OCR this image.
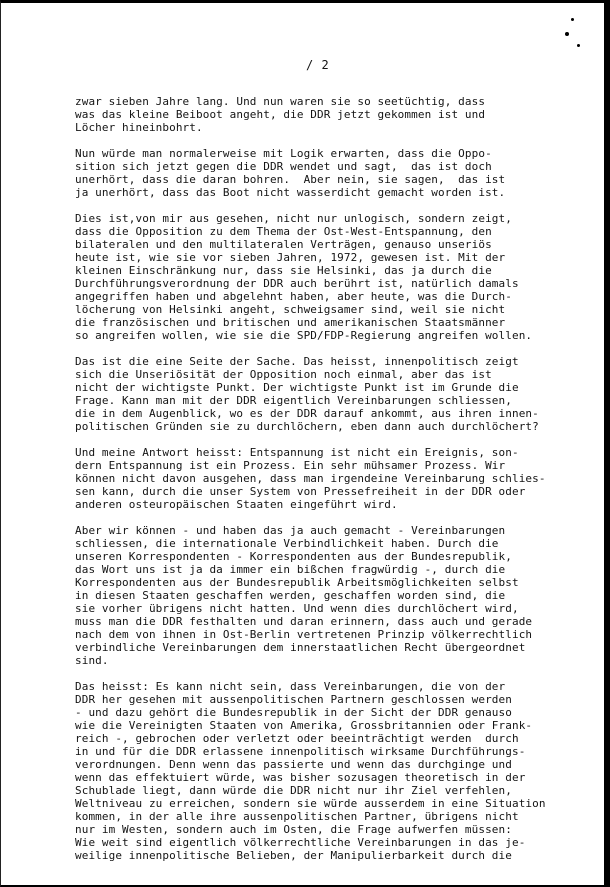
/ 2
zwar sieben Jahre lang. Und nun waren sie so seetüchtig, dass
was das kleine Beiboot angeht, die DDR jetzt gekommen ist und
Löcher hineinbohrt.
Nun würde man normalerweise mit Logik erwarten, dass die Oppo-
sition sich jetzt gegen die DDR wendet und sagt,  das ist doch
unerhört, dass die daran bohren.  Aber nein, sie sagen,  das ist
ja unerhört, dass das Boot nicht wasserdicht gemacht worden ist.
Dies ist,von mir aus gesehen, nicht nur unlogisch, sondern zeigt,
dass die Opposition zu dem Thema der Ost-West-Entspannung, den
bilateralen und den multilateralen Verträgen, genauso unseriös
heute ist, wie sie vor sieben Jahren, 1972, gewesen ist. Mit der
kleinen Einschränkung nur, dass sie Helsinki, das ja durch die
Durchführungsverordnung der DDR auch berührt ist, natürlich damals
angegriffen haben und abgelehnt haben, aber heute, was die Durch-
löcherung von Helsinki angeht, schweigsamer sind, weil sie nicht
die französischen und britischen und amerikanischen Staatsmänner
so angreifen wollen, wie sie die SPD/FDP-Regierung angreifen wollen.
Das ist die eine Seite der Sache. Das heisst, innenpolitisch zeigt
sich die Unseriösität der Opposition noch einmal, aber das ist
nicht der wichtigste Punkt. Der wichtigste Punkt ist im Grunde die
Frage. Kann man mit der DDR eigentlich Vereinbarungen schliessen,
die in dem Augenblick, wo es der DDR darauf ankommt, aus ihren innen-
politischen Gründen sie zu durchlöchern, eben dann auch durchlöchert?
Und meine Antwort heisst: Entspannung ist nicht ein Ereignis, son-
dern Entspannung ist ein Prozess. Ein sehr mühsamer Prozess. Wir
können nicht davon ausgehen, dass man irgendeine Vereinbarung schlies-
sen kann, durch die unser System von Pressefreiheit in der DDR oder
anderen osteuropäischen Staaten eingeführt wird.
Aber wir können - und haben das ja auch gemacht - Vereinbarungen
schliessen, die internationale Verbindlichkeit haben. Durch die
unseren Korrespondenten - Korrespondenten aus der Bundesrepublik,
das Wort uns ist ja da immer ein bißchen fragwürdig -, durch die
Korrespondenten aus der Bundesrepublik Arbeitsmöglichkeiten selbst
in diesen Staaten geschaffen werden, geschaffen worden sind, die
sie vorher übrigens nicht hatten. Und wenn dies durchlöchert wird,
muss man die DDR festhalten und daran erinnern, dass auch und gerade
nach dem von ihnen in Ost-Berlin vertretenen Prinzip völkerrechtlich
verbindliche Vereinbarungen dem innerstaatlichen Recht übergeordnet
sind.
Das heisst: Es kann nicht sein, dass Vereinbarungen, die von der
DDR her gesehen mit aussenpolitischen Partnern geschlossen werden
- und dazu gehört die Bundesrepublik in der Sicht der DDR genauso
wie die Vereinigten Staaten von Amerika, Grossbritannien oder Frank-
reich -, gebrochen oder verletzt oder beeinträchtigt werden  durch
in und für die DDR erlassene innenpolitisch wirksame Durchführungs-
verordnungen. Denn wenn das passierte und wenn das durchginge und
wenn das effektuiert würde, was bisher sozusagen theoretisch in der
Schublade liegt, dann würde die DDR nicht nur ihr Ziel verfehlen,
Weltniveau zu erreichen, sondern sie würde ausserdem in eine Situation
kommen, in der alle ihre aussenpolitischen Partner, übrigens nicht
nur im Westen, sondern auch im Osten, die Frage aufwerfen müssen:
Wie weit sind eigentlich völkerrechtliche Vereinbarungen in das je-
weilige innenpolitische Belieben, der Manipulierbarkeit durch die
